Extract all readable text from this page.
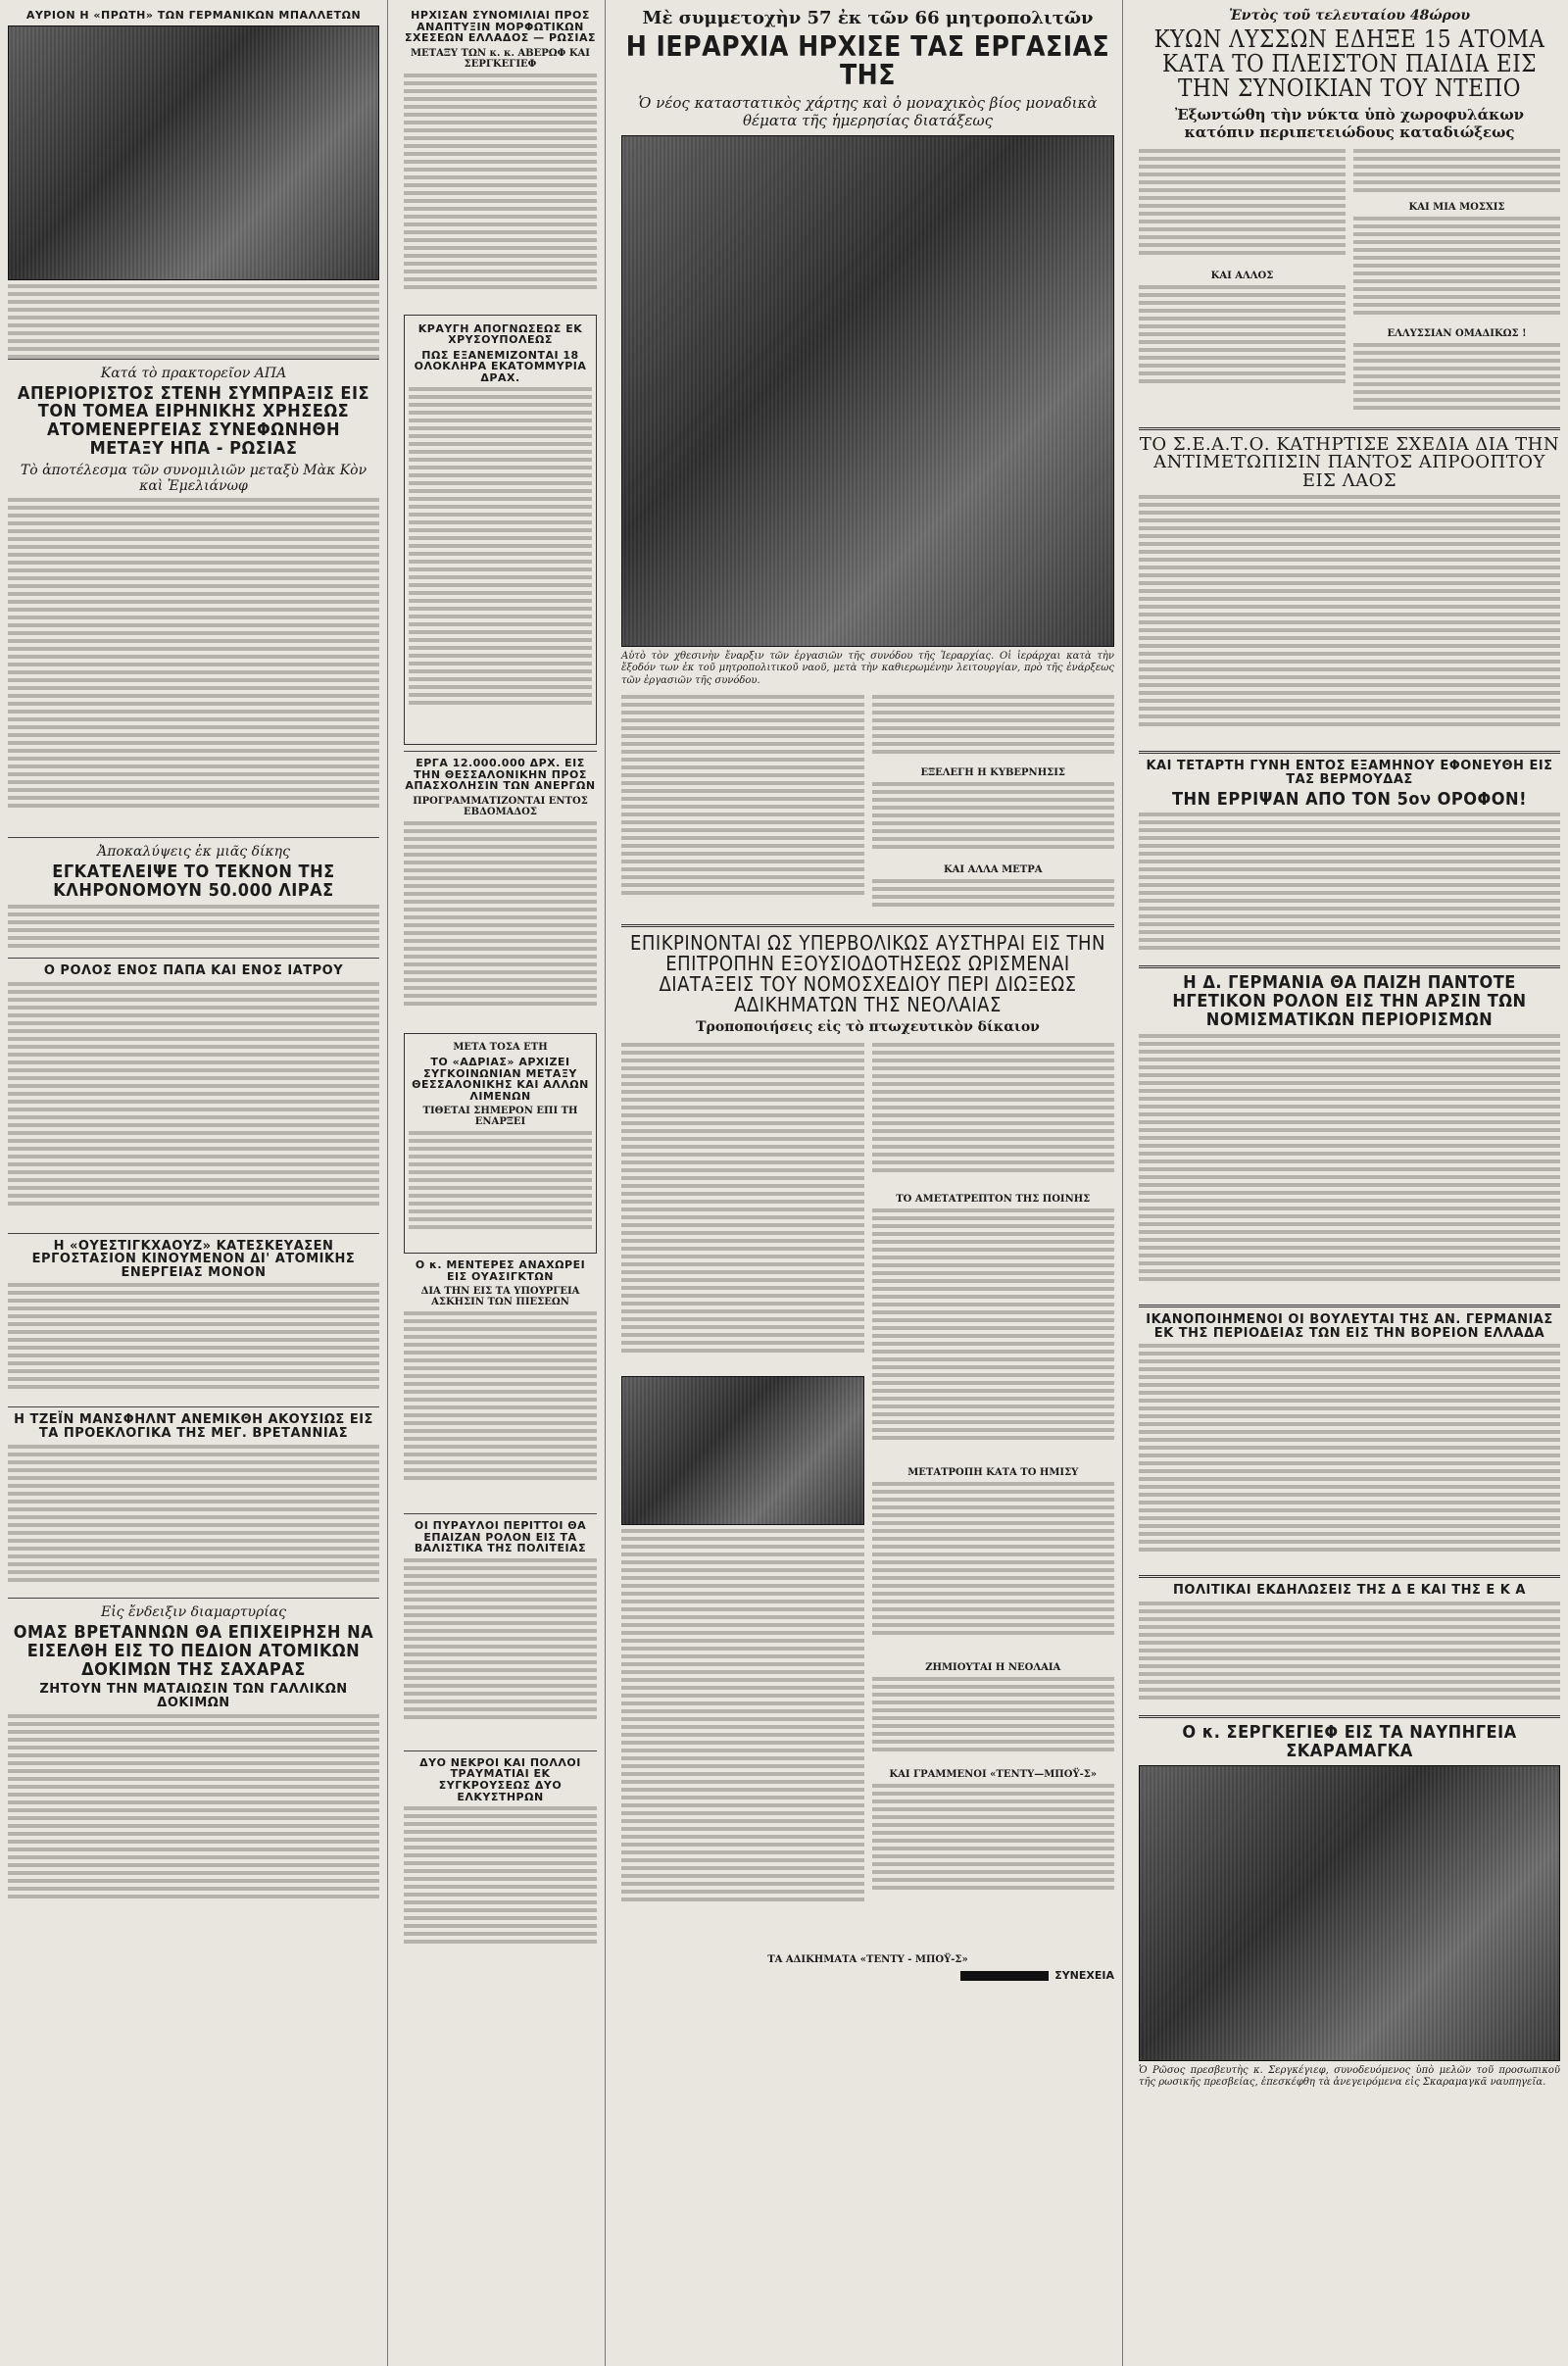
ΑΥΡΙΟΝ Η «ΠΡΩΤΗ» ΤΩΝ ΓΕΡΜΑΝΙΚΩΝ ΜΠΑΛΛΕΤΩΝ
Κατά τὸ πρακτορεῖον ΑΠΑ
ΑΠΕΡΙΟΡΙΣΤΟΣ ΣΤΕΝΗ ΣΥΜΠΡΑΞΙΣ ΕΙΣ ΤΟΝ ΤΟΜΕΑ ΕΙΡΗΝΙΚΗΣ ΧΡΗΣΕΩΣ ΑΤΟΜΕΝΕΡΓΕΙΑΣ ΣΥΝΕΦΩΝΗΘΗ ΜΕΤΑΞΥ ΗΠΑ - ΡΩΣΙΑΣ
Τὸ ἀποτέλεσμα τῶν συνομιλιῶν μεταξὺ Μὰκ Κὸν καὶ Ἐμελιάνωφ
Ἀποκαλύψεις ἐκ μιᾶς δίκης
ΕΓΚΑΤΕΛΕΙΨΕ ΤΟ ΤΕΚΝΟΝ ΤΗΣ ΚΛΗΡΟΝΟΜΟΥΝ 50.000 ΛΙΡΑΣ
Ο ΡΟΛΟΣ ΕΝΟΣ ΠΑΠΑ ΚΑΙ ΕΝΟΣ ΙΑΤΡΟΥ
Η «ΟΥΕΣΤΙΓΚΧΑΟΥΖ» ΚΑΤΕΣΚΕΥΑΣΕΝ ΕΡΓΟΣΤΑΣΙΟΝ ΚΙΝΟΥΜΕΝΟΝ ΔΙ' ΑΤΟΜΙΚΗΣ ΕΝΕΡΓΕΙΑΣ ΜΟΝΟΝ
Η ΤΖΕΪΝ ΜΑΝΣΦΗΛΝΤ ΑΝΕΜΙΚΘΗ ΑΚΟΥΣΙΩΣ ΕΙΣ ΤΑ ΠΡΟΕΚΛΟΓΙΚΑ ΤΗΣ ΜΕΓ. ΒΡΕΤΑΝΝΙΑΣ
Εἰς ἔνδειξιν διαμαρτυρίας
ΟΜΑΣ ΒΡΕΤΑΝΝΩΝ ΘΑ ΕΠΙΧΕΙΡΗΣΗ ΝΑ ΕΙΣΕΛΘΗ ΕΙΣ ΤΟ ΠΕΔΙΟΝ ΑΤΟΜΙΚΩΝ ΔΟΚΙΜΩΝ ΤΗΣ ΣΑΧΑΡΑΣ
ΖΗΤΟΥΝ ΤΗΝ ΜΑΤΑΙΩΣΙΝ ΤΩΝ ΓΑΛΛΙΚΩΝ ΔΟΚΙΜΩΝ
ΗΡΧΙΣΑΝ ΣΥΝΟΜΙΛΙΑΙ ΠΡΟΣ ΑΝΑΠΤΥΞΙΝ ΜΟΡΦΩΤΙΚΩΝ ΣΧΕΣΕΩΝ ΕΛΛΑΔΟΣ — ΡΩΣΙΑΣ
ΜΕΤΑΞΥ ΤΩΝ κ. κ. ΑΒΕΡΩΦ ΚΑΙ ΣΕΡΓΚΕΓΙΕΦ
ΚΡΑΥΓΗ ΑΠΟΓΝΩΣΕΩΣ ΕΚ ΧΡΥΣΟΥΠΟΛΕΩΣ
ΠΩΣ ΕΞΑΝΕΜΙΖΟΝΤΑΙ 18 ΟΛΟΚΛΗΡΑ ΕΚΑΤΟΜΜΥΡΙΑ ΔΡΑΧ.
ΕΡΓΑ 12.000.000 ΔΡΧ. ΕΙΣ ΤΗΝ ΘΕΣΣΑΛΟΝΙΚΗΝ ΠΡΟΣ ΑΠΑΣΧΟΛΗΣΙΝ ΤΩΝ ΑΝΕΡΓΩΝ
ΠΡΟΓΡΑΜΜΑΤΙΖΟΝΤΑΙ ΕΝΤΟΣ ΕΒΔΟΜΑΔΟΣ
ΜΕΤΑ ΤΟΣΑ ΕΤΗ
ΤΟ «ΑΔΡΙΑΣ» ΑΡΧΙΖΕΙ ΣΥΓΚΟΙΝΩΝΙΑΝ ΜΕΤΑΞΥ ΘΕΣΣΑΛΟΝΙΚΗΣ ΚΑΙ ΑΛΛΩΝ ΛΙΜΕΝΩΝ
ΤΙΘΕΤΑΙ ΣΗΜΕΡΟΝ ΕΠΙ ΤΗ ΕΝΑΡΞΕΙ
Ο κ. ΜΕΝΤΕΡΕΣ ΑΝΑΧΩΡΕΙ ΕΙΣ ΟΥΑΣΙΓΚΤΩΝ
ΔΙΑ ΤΗΝ ΕΙΣ ΤΑ ΥΠΟΥΡΓΕΙΑ ΑΣΚΗΣΙΝ ΤΩΝ ΠΙΕΣΕΩΝ
ΟΙ ΠΥΡΑΥΛΟΙ ΠΕΡΙΤΤΟΙ ΘΑ ΕΠΑΙΖΑΝ ΡΟΛΟΝ ΕΙΣ ΤΑ ΒΑΛΙΣΤΙΚΑ ΤΗΣ ΠΟΛΙΤΕΙΑΣ
ΔΥΟ ΝΕΚΡΟΙ ΚΑΙ ΠΟΛΛΟΙ ΤΡΑΥΜΑΤΙΑΙ ΕΚ ΣΥΓΚΡΟΥΣΕΩΣ ΔΥΟ ΕΛΚΥΣΤΗΡΩΝ
Μὲ συμμετοχὴν 57 ἐκ τῶν 66 μητροπολιτῶν
Η ΙΕΡΑΡΧΙΑ ΗΡΧΙΣΕ ΤΑΣ ΕΡΓΑΣΙΑΣ ΤΗΣ
Ὁ νέος καταστατικὸς χάρτης καὶ ὁ μοναχικὸς βίος μοναδικὰ θέματα τῆς ἡμερησίας διατάξεως
Αὐτὸ τὸν χθεσινὴν ἔναρξιν τῶν ἐργασιῶν τῆς συνόδου τῆς Ἱεραρχίας. Οἱ ἱεράρχαι κατὰ τὴν ἔξοδόν των ἐκ τοῦ μητροπολιτικοῦ ναοῦ, μετὰ τὴν καθιερωμένην λειτουργίαν, πρὸ τῆς ἐνάρξεως τῶν ἐργασιῶν τῆς συνόδου.
ΕΞΕΛΕΓΗ Η ΚΥΒΕΡΝΗΣΙΣ
ΚΑΙ ΑΛΛΑ ΜΕΤΡΑ
ΕΠΙΚΡΙΝΟΝΤΑΙ ΩΣ ΥΠΕΡΒΟΛΙΚΩΣ ΑΥΣΤΗΡΑΙ ΕΙΣ ΤΗΝ ΕΠΙΤΡΟΠΗΝ ΕΞΟΥΣΙΟΔΟΤΗΣΕΩΣ ΩΡΙΣΜΕΝΑΙ ΔΙΑΤΑΞΕΙΣ ΤΟΥ ΝΟΜΟΣΧΕΔΙΟΥ ΠΕΡΙ ΔΙΩΞΕΩΣ ΑΔΙΚΗΜΑΤΩΝ ΤΗΣ ΝΕΟΛΑΙΑΣ
Τροποποιήσεις εἰς τὸ πτωχευτικὸν δίκαιον
ΤΟ ΑΜΕΤΑΤΡΕΠΤΟΝ ΤΗΣ ΠΟΙΝΗΣ
ΜΕΤΑΤΡΟΠΗ ΚΑΤΑ ΤΟ ΗΜΙΣΥ
ΖΗΜΙΟΥΤΑΙ Η ΝΕΟΛΑΙΑ
ΚΑΙ ΓΡΑΜΜΕΝΟΙ «ΤΕΝΤΥ—ΜΠΟΫ-Σ»
ΤΑ ΑΔΙΚΗΜΑΤΑ «ΤΕΝΤΥ - ΜΠΟΫ-Σ»
ΣΥΝΕΧΕΙΑ
Ἐντὸς τοῦ τελευταίου 48ώρου
ΚΥΩΝ ΛΥΣΣΩΝ ΕΔΗΞΕ 15 ΑΤΟΜΑ ΚΑΤΑ ΤΟ ΠΛΕΙΣΤΟΝ ΠΑΙΔΙΑ ΕΙΣ ΤΗΝ ΣΥΝΟΙΚΙΑΝ ΤΟΥ ΝΤΕΠΟ
Ἐξωντώθη τὴν νύκτα ὑπὸ χωροφυλάκων κατόπιν περιπετειώδους καταδιώξεως
ΚΑΙ ΑΛΛΟΣ
ΚΑΙ ΜΙΑ ΜΟΣΧΙΣ
ΕΛΛΥΣΣΙΑΝ ΟΜΑΔΙΚΩΣ !
ΤΟ Σ.Ε.Α.Τ.Ο. ΚΑΤΗΡΤΙΣΕ ΣΧΕΔΙΑ ΔΙΑ ΤΗΝ ΑΝΤΙΜΕΤΩΠΙΣΙΝ ΠΑΝΤΟΣ ΑΠΡΟΟΠΤΟΥ ΕΙΣ ΛΑΟΣ
ΚΑΙ ΤΕΤΑΡΤΗ ΓΥΝΗ ΕΝΤΟΣ ΕΞΑΜΗΝΟΥ ΕΦΟΝΕΥΘΗ ΕΙΣ ΤΑΣ ΒΕΡΜΟΥΔΑΣ
ΤΗΝ ΕΡΡΙΨΑΝ ΑΠΟ ΤΟΝ 5ον ΟΡΟΦΟΝ!
Η Δ. ΓΕΡΜΑΝΙΑ ΘΑ ΠΑΙΖΗ ΠΑΝΤΟΤΕ ΗΓΕΤΙΚΟΝ ΡΟΛΟΝ ΕΙΣ ΤΗΝ ΑΡΣΙΝ ΤΩΝ ΝΟΜΙΣΜΑΤΙΚΩΝ ΠΕΡΙΟΡΙΣΜΩΝ
ΙΚΑΝΟΠΟΙΗΜΕΝΟΙ ΟΙ ΒΟΥΛΕΥΤΑΙ ΤΗΣ ΑΝ. ΓΕΡΜΑΝΙΑΣ ΕΚ ΤΗΣ ΠΕΡΙΟΔΕΙΑΣ ΤΩΝ ΕΙΣ ΤΗΝ ΒΟΡΕΙΟΝ ΕΛΛΑΔΑ
ΠΟΛΙΤΙΚΑΙ ΕΚΔΗΛΩΣΕΙΣ ΤΗΣ Δ Ε ΚΑΙ ΤΗΣ Ε Κ Α
Ο κ. ΣΕΡΓΚΕΓΙΕΦ ΕΙΣ ΤΑ ΝΑΥΠΗΓΕΙΑ ΣΚΑΡΑΜΑΓΚΑ
Ὁ Ρῶσος πρεσβευτὴς κ. Σεργκέγιεφ, συνοδευόμενος ὑπὸ μελῶν τοῦ προσωπικοῦ τῆς ρωσικῆς πρεσβείας, ἐπεσκέφθη τὰ ἀνεγειρόμενα εἰς Σκαραμαγκᾶ ναυπηγεῖα.
